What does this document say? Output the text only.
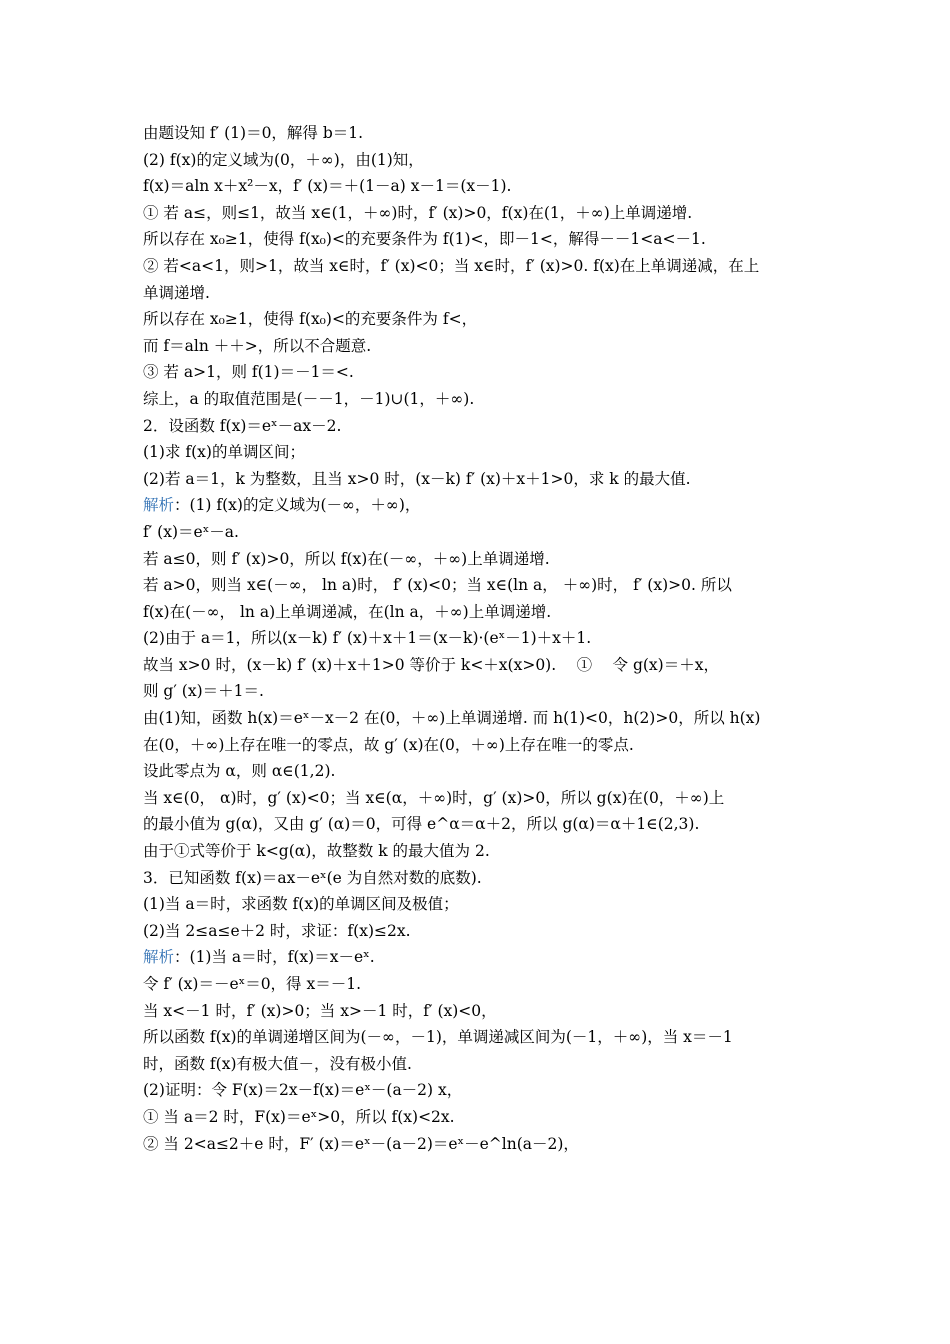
由题设知 f′ (1)＝0，解得 b＝1.
(2) f(x)的定义域为(0，＋∞)，由(1)知，
f(x)＝aln x＋x²－x，f′ (x)＝＋(1－a) x－1＝(x－1).
① 若 a≤，则≤1，故当 x∈(1，＋∞)时，f′ (x)>0，f(x)在(1，＋∞)上单调递增.
所以存在 x₀≥1，使得 f(x₀)<的充要条件为 f(1)<，即－1<，解得－－1<a<－1.
② 若<a<1，则>1，故当 x∈时，f′ (x)<0；当 x∈时，f′ (x)>0. f(x)在上单调递减，在上
单调递增.
所以存在 x₀≥1，使得 f(x₀)<的充要条件为 f<，
而 f＝aln ＋＋>，所以不合题意.
③ 若 a>1，则 f(1)＝－1＝<.
综上，a 的取值范围是(－－1，－1)∪(1，＋∞).
2．设函数 f(x)＝eˣ－ax－2.
(1)求 f(x)的单调区间；
(2)若 a＝1，k 为整数，且当 x>0 时，(x－k) f′ (x)＋x＋1>0，求 k 的最大值.
解析：(1) f(x)的定义域为(－∞，＋∞)，
f′ (x)＝eˣ－a.
若 a≤0，则 f′ (x)>0，所以 f(x)在(－∞，＋∞)上单调递增.
若 a>0，则当 x∈(－∞， ln a)时， f′ (x)<0；当 x∈(ln a， ＋∞)时， f′ (x)>0. 所以
f(x)在(－∞， ln a)上单调递减，在(ln a，＋∞)上单调递增.
(2)由于 a＝1，所以(x－k) f′ (x)＋x＋1＝(x－k)·(eˣ－1)＋x＋1.
故当 x>0 时，(x－k) f′ (x)＋x＋1>0 等价于 k<＋x(x>0).　 ①　 令 g(x)＝＋x，
则 g′ (x)＝＋1＝.
由(1)知，函数 h(x)＝eˣ－x－2 在(0，＋∞)上单调递增. 而 h(1)<0，h(2)>0，所以 h(x)
在(0，＋∞)上存在唯一的零点，故 g′ (x)在(0，＋∞)上存在唯一的零点.
设此零点为 α，则 α∈(1,2).
当 x∈(0， α)时，g′ (x)<0；当 x∈(α，＋∞)时，g′ (x)>0，所以 g(x)在(0，＋∞)上
的最小值为 g(α)，又由 g′ (α)＝0，可得 e^α＝α＋2，所以 g(α)＝α＋1∈(2,3).
由于①式等价于 k<g(α)，故整数 k 的最大值为 2.
3．已知函数 f(x)＝ax－eˣ(e 为自然对数的底数).
(1)当 a＝时，求函数 f(x)的单调区间及极值；
(2)当 2≤a≤e＋2 时，求证：f(x)≤2x.
解析：(1)当 a＝时，f(x)＝x－eˣ.
令 f′ (x)＝－eˣ＝0，得 x＝－1.
当 x<－1 时，f′ (x)>0；当 x>－1 时，f′ (x)<0，
所以函数 f(x)的单调递增区间为(－∞，－1)，单调递减区间为(－1，＋∞)，当 x＝－1
时，函数 f(x)有极大值－，没有极小值.
(2)证明：令 F(x)＝2x－f(x)＝eˣ－(a－2) x，
① 当 a＝2 时，F(x)＝eˣ>0，所以 f(x)<2x.
② 当 2<a≤2＋e 时，F′ (x)＝eˣ－(a－2)＝eˣ－e^ln(a－2)，
